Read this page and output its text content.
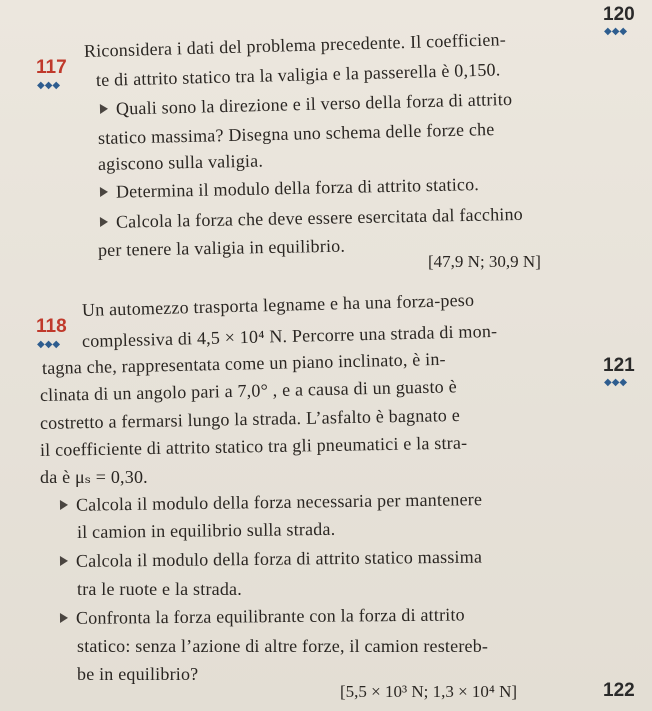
120
◆◆◆
121
◆◆◆
122
117
◆◆◆
Riconsidera i dati del problema precedente. Il coefficien-
te di attrito statico tra la valigia e la passerella è 0,150.
Quali sono la direzione e il verso della forza di attrito
statico massima? Disegna uno schema delle forze che
agiscono sulla valigia.
Determina il modulo della forza di attrito statico.
Calcola la forza che deve essere esercitata dal facchino
per tenere la valigia in equilibrio.
[47,9 N; 30,9 N]
118
◆◆◆
Un automezzo trasporta legname e ha una forza-peso
complessiva di 4,5 × 10⁴ N. Percorre una strada di mon-
tagna che, rappresentata come un piano inclinato, è in-
clinata di un angolo pari a 7,0° , e a causa di un guasto è
costretto a fermarsi lungo la strada. L’asfalto è bagnato e
il coefficiente di attrito statico tra gli pneumatici e la stra-
da è μₛ = 0,30.
Calcola il modulo della forza necessaria per mantenere
il camion in equilibrio sulla strada.
Calcola il modulo della forza di attrito statico massima
tra le ruote e la strada.
Confronta la forza equilibrante con la forza di attrito
statico: senza l’azione di altre forze, il camion restereb-
be in equilibrio?
[5,5 × 10³ N; 1,3 × 10⁴ N]
